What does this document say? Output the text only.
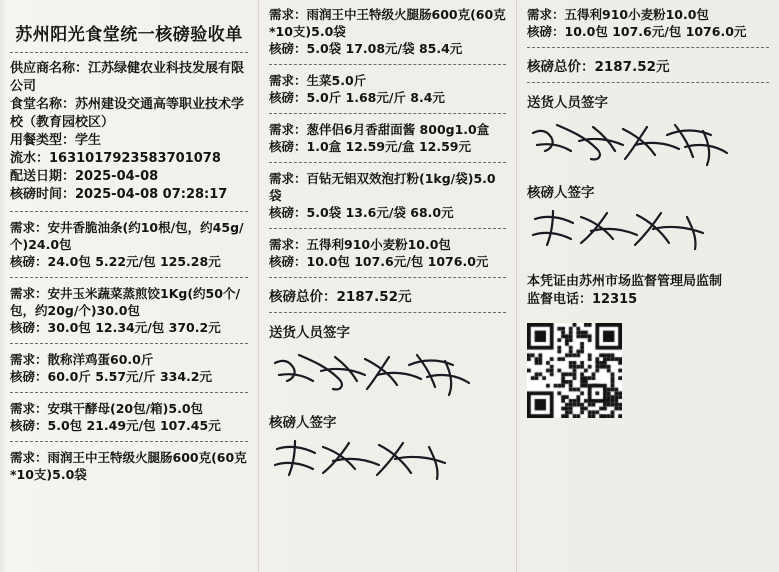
苏州阳光食堂统一核磅验收单

供应商名称：江苏绿健农业科技发展有限公司

食堂名称：苏州建设交通高等职业技术学校（教育园校区）

用餐类型：学生

流水：1631017923583701078

配送日期：2025-04-08

核磅时间：2025-04-08 07:28:17

需求：安井香脆油条(约10根/包，约45g/个)24.0包
核磅：24.0包 5.22元/包 125.28元
需求：安井玉米蔬菜蒸煎饺1Kg(约50个/包，约20g/个)30.0包
核磅：30.0包 12.34元/包 370.2元
需求：散称洋鸡蛋60.0斤
核磅：60.0斤 5.57元/斤 334.2元
需求：安琪干酵母(20包/箱)5.0包
核磅：5.0包 21.49元/包 107.45元
需求：雨润王中王特级火腿肠600克(60克*10支)5.0袋
需求：雨润王中王特级火腿肠600克(60克*10支)5.0袋
核磅：5.0袋 17.08元/袋 85.4元
需求：生菜5.0斤
核磅：5.0斤 1.68元/斤 8.4元
需求：葱伴侣6月香甜面酱 800g1.0盒
核磅：1.0盒 12.59元/盒 12.59元
需求：百钻无铝双效泡打粉(1kg/袋)5.0袋
核磅：5.0袋 13.6元/袋 68.0元
需求：五得利910小麦粉10.0包
核磅：10.0包 107.6元/包 1076.0元
核磅总价：2187.52元
送货人员签字
核磅人签字
需求：五得利910小麦粉10.0包
核磅：10.0包 107.6元/包 1076.0元
核磅总价：2187.52元
送货人员签字
核磅人签字
本凭证由苏州市场监督管理局监制
监督电话：12315
